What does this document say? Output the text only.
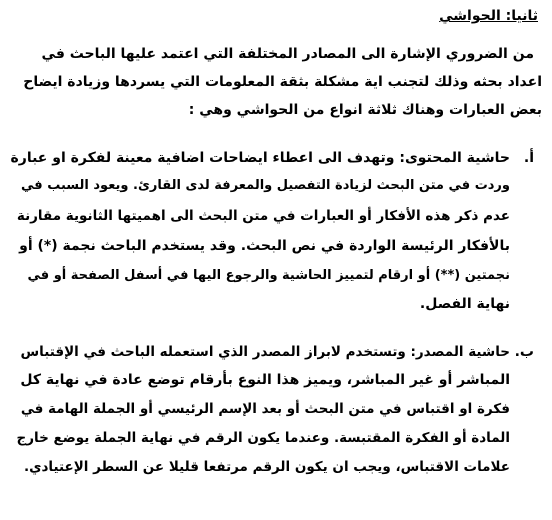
ثانيا: الحواشي
من الضروري الإشارة الى المصادر المختلفة التي اعتمد عليها الباحث في
اعداد بحثه وذلك لتجنب اية مشكلة بثقة المعلومات التي يسردها وزيادة ايضاح
بعض العبارات وهناك ثلاثة انواع من الحواشي وهي :
أ.
حاشية المحتوى: وتهدف الى اعطاء ايضاحات اضافية معينة لفكرة او عبارة
وردت في متن البحث لزيادة التفصيل والمعرفة لدى القارئ. ويعود السبب في
عدم ذكر هذه الأفكار أو العبارات في متن البحث الى اهميتها الثانوية مقارنة
بالأفكار الرئيسة الواردة في نص البحث. وقد يستخدم الباحث نجمة (*) أو
نجمتين (**) أو ارقام لتمييز الحاشية والرجوع اليها في أسفل الصفحة أو في
نهاية الفصل.
ب.
حاشية المصدر: وتستخدم لابراز المصدر الذي استعمله الباحث في الإقتباس
المباشر أو غير المباشر، ويميز هذا النوع بأرقام توضع عادة في نهاية كل
فكرة او اقتباس في متن البحث أو بعد الإسم الرئيسي أو الجملة الهامة في
المادة أو الفكرة المقتبسة. وعندما يكون الرقم في نهاية الجملة يوضع خارج
علامات الاقتباس، ويجب ان يكون الرقم مرتفعا قليلا عن السطر الإعتيادي.
